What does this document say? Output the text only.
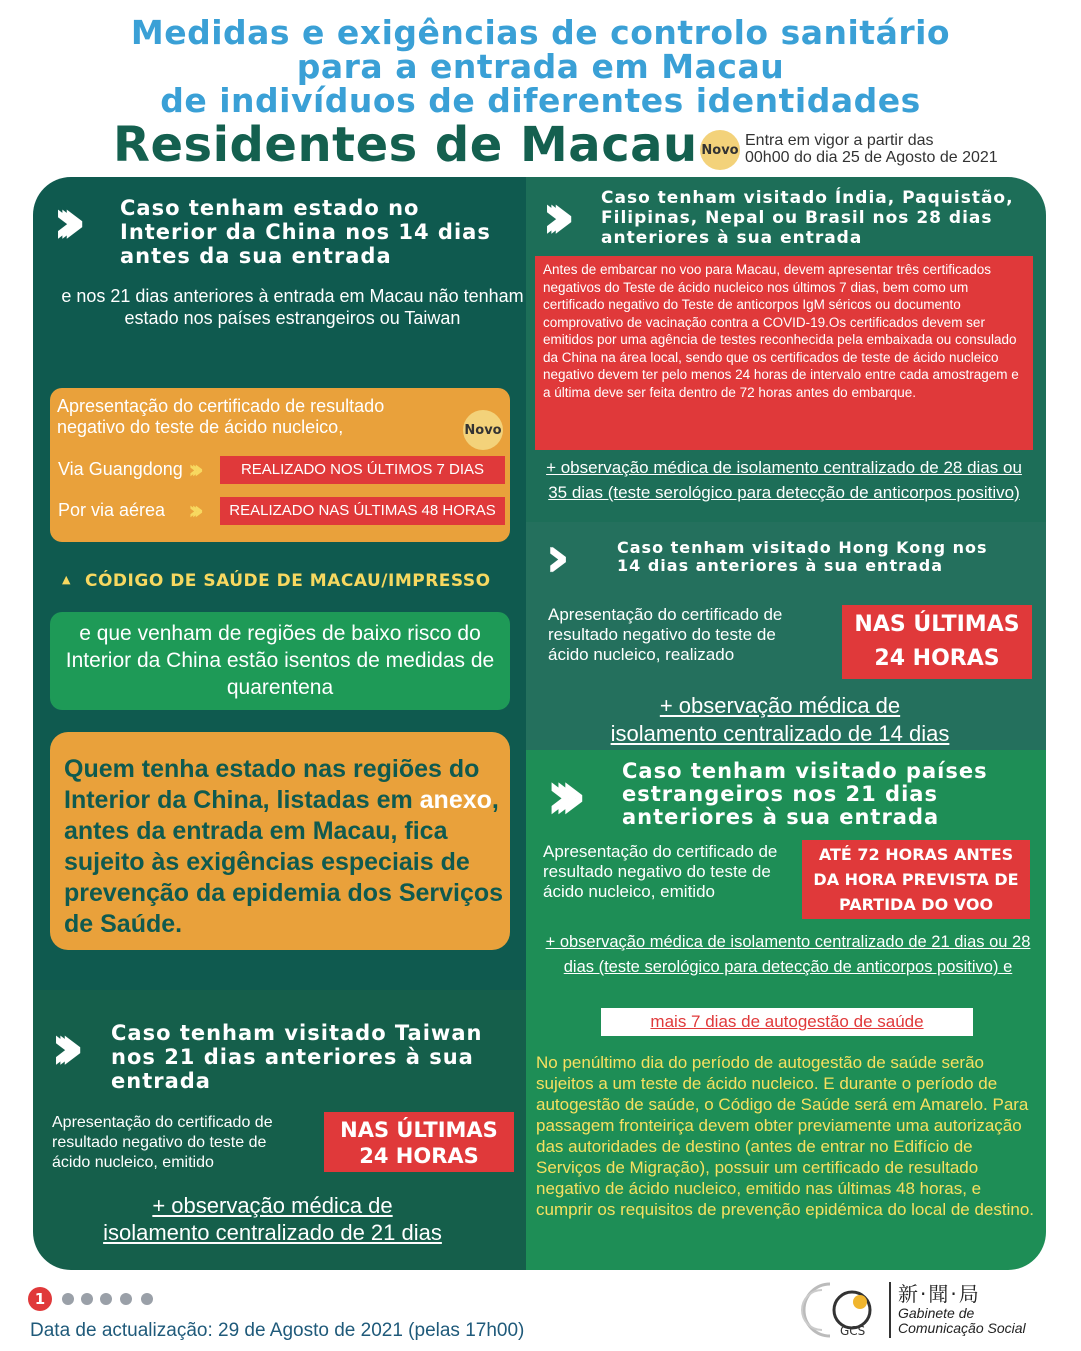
Medidas e exigências de controlo sanitário
para a entrada em Macau
de indivíduos de diferentes identidades
Residentes de Macau Novo
Entra em vigor a partir das
00h00 do dia 25 de Agosto de 2021
›››	Caso tenham estado no Interior da China nos 14 dias antes da sua entrada
e nos 21 dias anteriores à entrada em Macau não tenham estado nos países estrangeiros ou Taiwan
Apresentação do certificado de resultado negativo do teste de ácido nucleico,	Novo
Via Guangdong ›››	REALIZADO NOS ÚLTIMOS 7 DIAS
Por via aérea ›››	REALIZADO NAS ÚLTIMAS 48 HORAS
▲ CÓDIGO DE SAÚDE DE MACAU/IMPRESSO
e que venham de regiões de baixo risco do Interior da China estão isentos de medidas de quarentena
Quem tenha estado nas regiões do Interior da China, listadas em anexo, antes da entrada em Macau, fica sujeito às exigências especiais de prevenção da epidemia dos Serviços de Saúde.
››› Caso tenham visitado Taiwan nos 21 dias anteriores à sua entrada
Apresentação do certificado de resultado negativo do teste de ácido nucleico, emitido
NAS ÚLTIMAS
24 HORAS
+ observação médica de
isolamento centralizado de 21 dias
›››	Caso tenham visitado Índia, Paquistão, Filipinas, Nepal ou Brasil nos 28 dias anteriores à sua entrada
Antes de embarcar no voo para Macau, devem apresentar três certificados negativos do Teste de ácido nucleico nos últimos 7 dias, bem como um certificado negativo do Teste de anticorpos IgM séricos ou documento comprovativo de vacinação contra a COVID-19.Os certificados devem ser emitidos por uma agência de testes reconhecida pela embaixada ou consulado da China na área local, sendo que os certificados de teste de ácido nucleico negativo devem ter pelo menos 24 horas de intervalo entre cada amostragem e a última deve ser feita dentro de 72 horas antes do embarque.
+ observação médica de isolamento centralizado de 28 dias ou 35 dias (teste serológico para detecção de anticorpos positivo)
›››	Caso tenham visitado Hong Kong nos 14 dias anteriores à sua entrada
Apresentação do certificado de resultado negativo do teste de ácido nucleico, realizado
NAS ÚLTIMAS
24 HORAS
+ observação médica de
isolamento centralizado de 14 dias
›››	Caso tenham visitado países estrangeiros nos 21 dias anteriores à sua entrada
Apresentação do certificado de resultado negativo do teste de ácido nucleico, emitido
ATÉ 72 HORAS ANTES DA HORA PREVISTA DE PARTIDA DO VOO
+ observação médica de isolamento centralizado de 21 dias ou 28 dias (teste serológico para detecção de anticorpos positivo) e
mais 7 dias de autogestão de saúde
No penúltimo dia do período de autogestão de saúde serão sujeitos a um teste de ácido nucleico. E durante o período de autogestão de saúde, o Código de Saúde será em Amarelo. Para passagem fronteiriça devem obter previamente uma autorização das autoridades de destino (antes de entrar no Edifício de Serviços de Migração), possuir um certificado de resultado negativo de ácido nucleico, emitido nas últimas 48 horas, e cumprir os requisitos de prevenção epidémica do local de destino.
1
Data de actualização: 29 de Agosto de 2021 (pelas 17h00)	GCS
新·聞·局
Gabinete de
Comunicação Social
